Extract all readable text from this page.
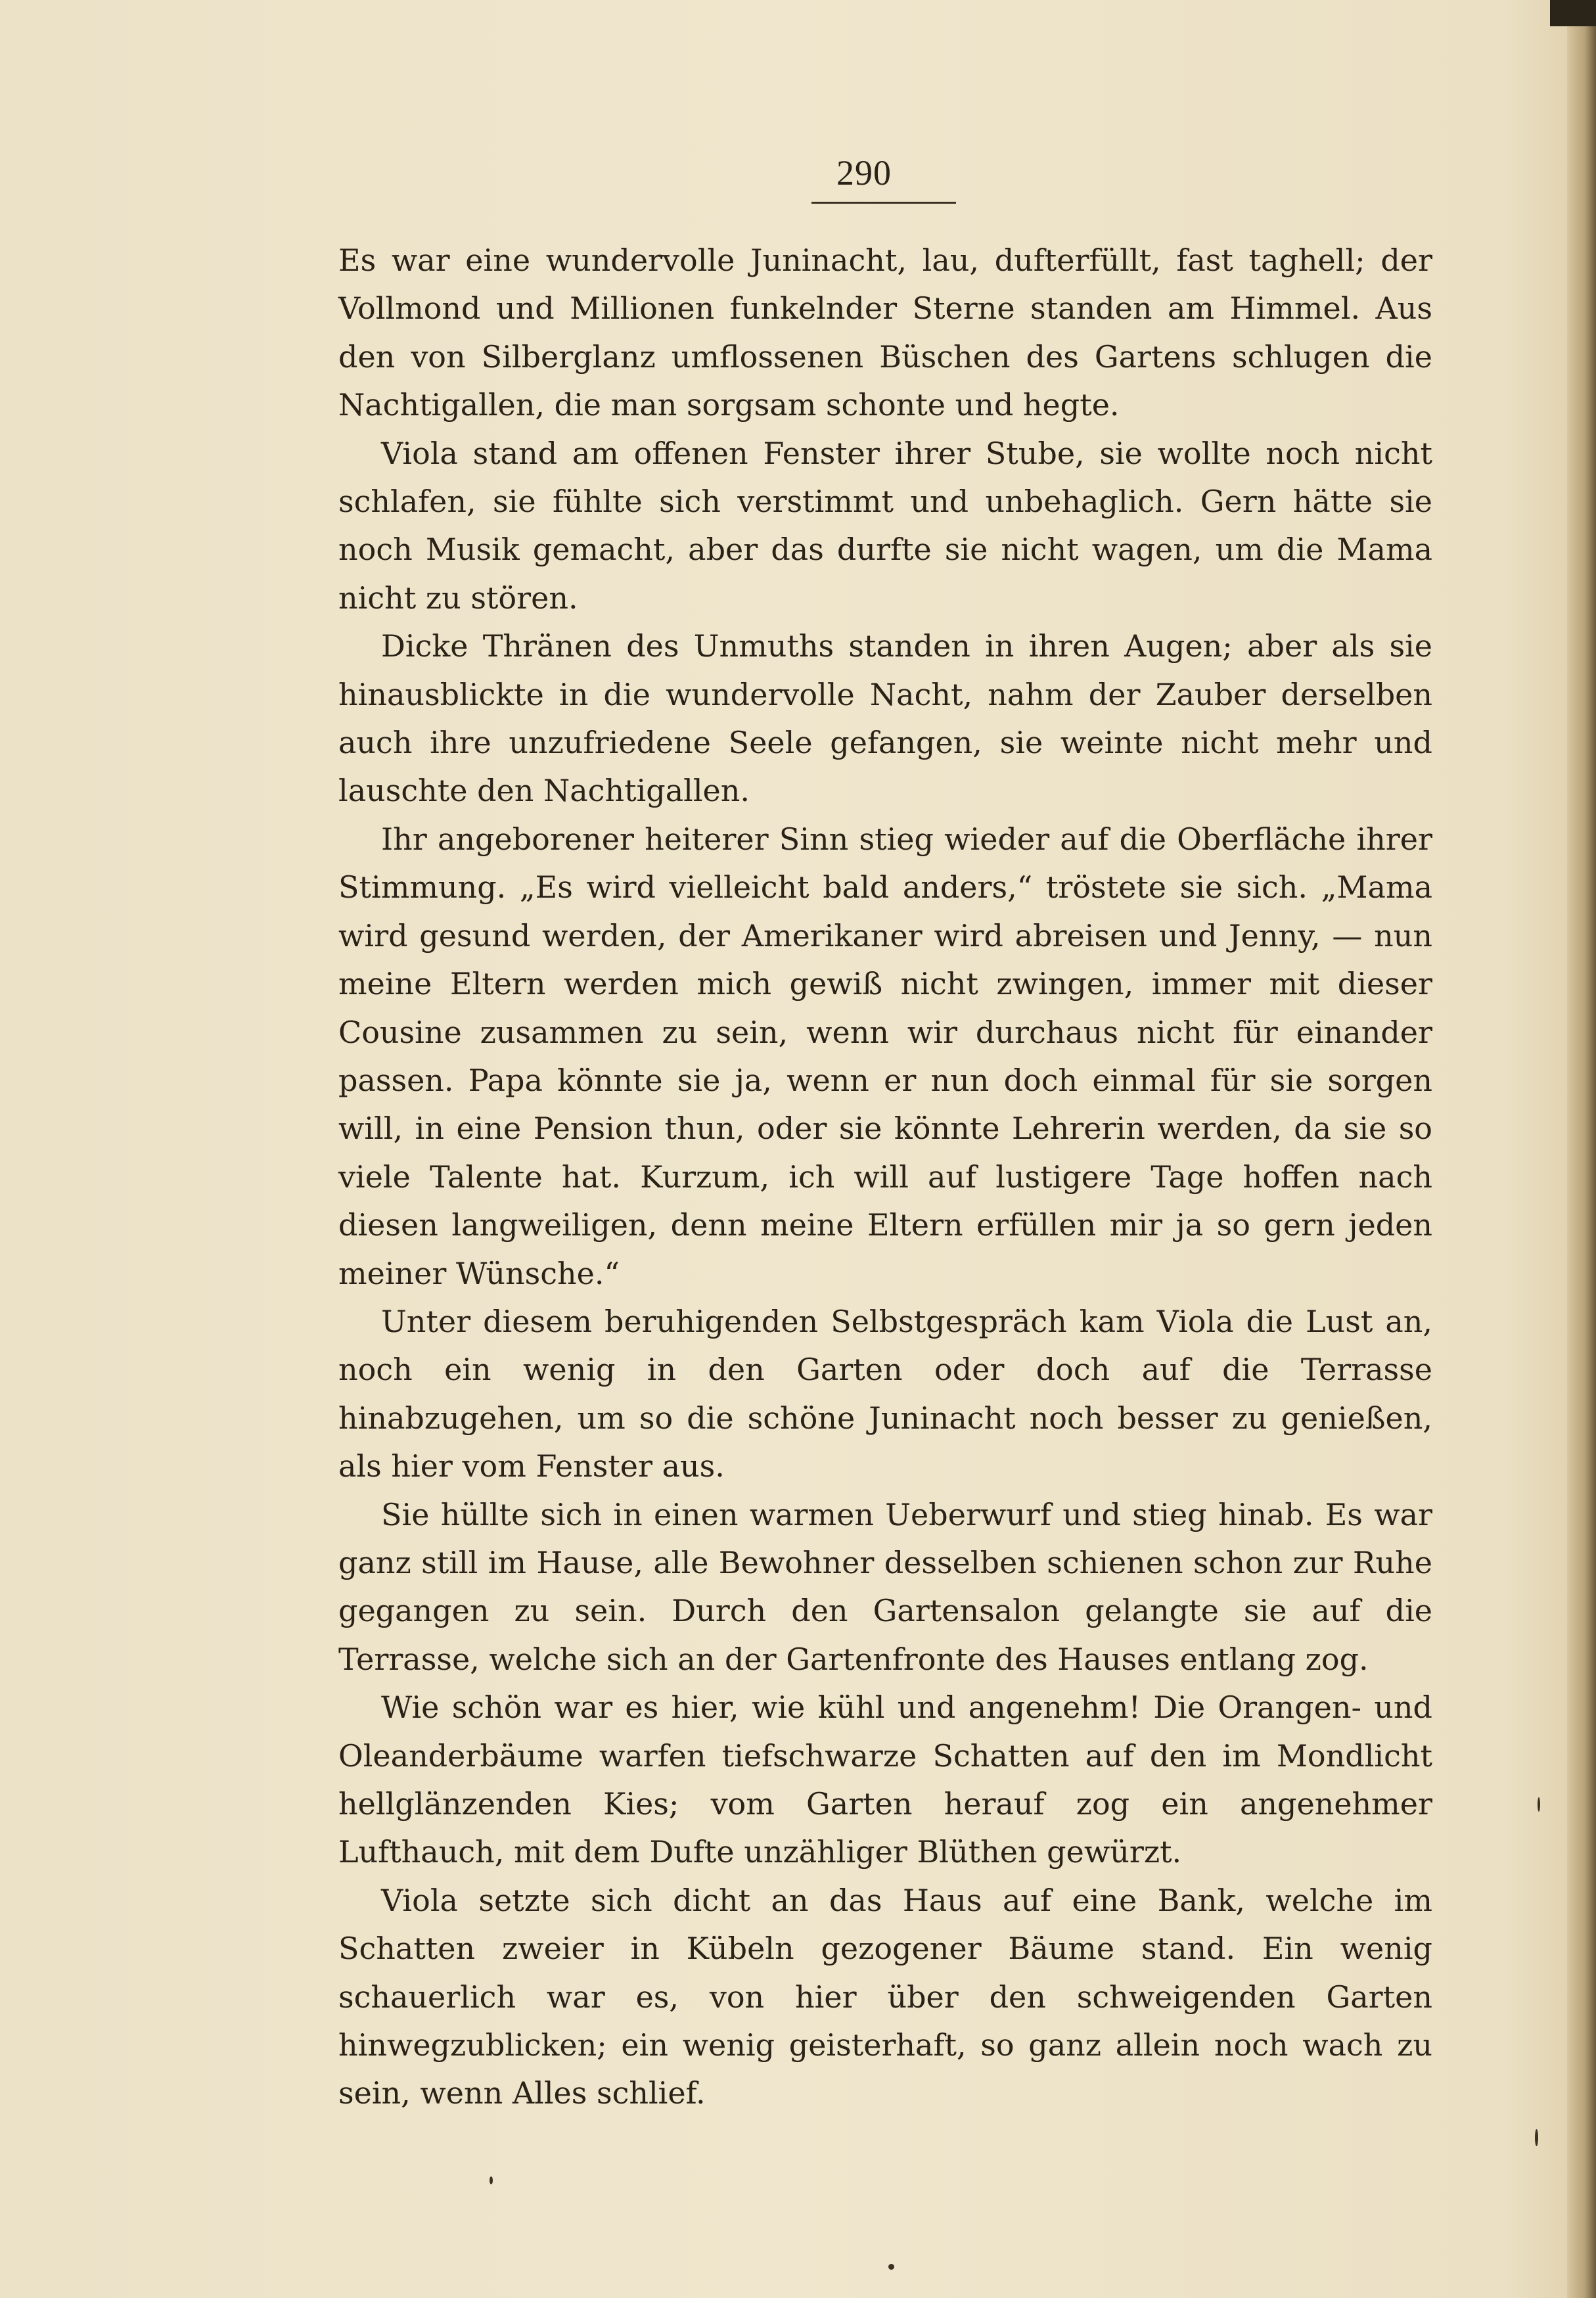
290

Es war eine wundervolle Juninacht, lau, dufterfüllt, fast taghell; der Vollmond und Millionen funkelnder Sterne standen am Himmel. Aus den von Silberglanz umflossenen Büschen des Gartens schlugen die Nachtigallen, die man sorgsam schonte und hegte.

Viola stand am offenen Fenster ihrer Stube, sie wollte noch nicht schlafen, sie fühlte sich verstimmt und unbehaglich. Gern hätte sie noch Musik gemacht, aber das durfte sie nicht wagen, um die Mama nicht zu stören.

Dicke Thränen des Unmuths standen in ihren Augen; aber als sie hinausblickte in die wundervolle Nacht, nahm der Zauber derselben auch ihre unzufriedene Seele gefangen, sie weinte nicht mehr und lauschte den Nachtigallen.

Ihr angeborener heiterer Sinn stieg wieder auf die Oberfläche ihrer Stimmung. „Es wird vielleicht bald anders,“ tröstete sie sich. „Mama wird gesund werden, der Amerikaner wird abreisen und Jenny, — nun meine Eltern werden mich gewiß nicht zwingen, immer mit dieser Cousine zusammen zu sein, wenn wir durchaus nicht für einander passen. Papa könnte sie ja, wenn er nun doch einmal für sie sorgen will, in eine Pension thun, oder sie könnte Lehrerin werden, da sie so viele Talente hat. Kurzum, ich will auf lustigere Tage hoffen nach diesen langweiligen, denn meine Eltern erfüllen mir ja so gern jeden meiner Wünsche.“

Unter diesem beruhigenden Selbstgespräch kam Viola die Lust an, noch ein wenig in den Garten oder doch auf die Terrasse hinabzugehen, um so die schöne Juninacht noch besser zu genießen, als hier vom Fenster aus.

Sie hüllte sich in einen warmen Ueberwurf und stieg hinab. Es war ganz still im Hause, alle Bewohner desselben schienen schon zur Ruhe gegangen zu sein. Durch den Gartensalon gelangte sie auf die Terrasse, welche sich an der Gartenfronte des Hauses entlang zog.

Wie schön war es hier, wie kühl und angenehm! Die Orangen- und Oleanderbäume warfen tiefschwarze Schatten auf den im Mondlicht hellglänzenden Kies; vom Garten herauf zog ein angenehmer Lufthauch, mit dem Dufte unzähliger Blüthen gewürzt.

Viola setzte sich dicht an das Haus auf eine Bank, welche im Schatten zweier in Kübeln gezogener Bäume stand. Ein wenig schauerlich war es, von hier über den schweigenden Garten hinwegzublicken; ein wenig geisterhaft, so ganz allein noch wach zu sein, wenn Alles schlief.
